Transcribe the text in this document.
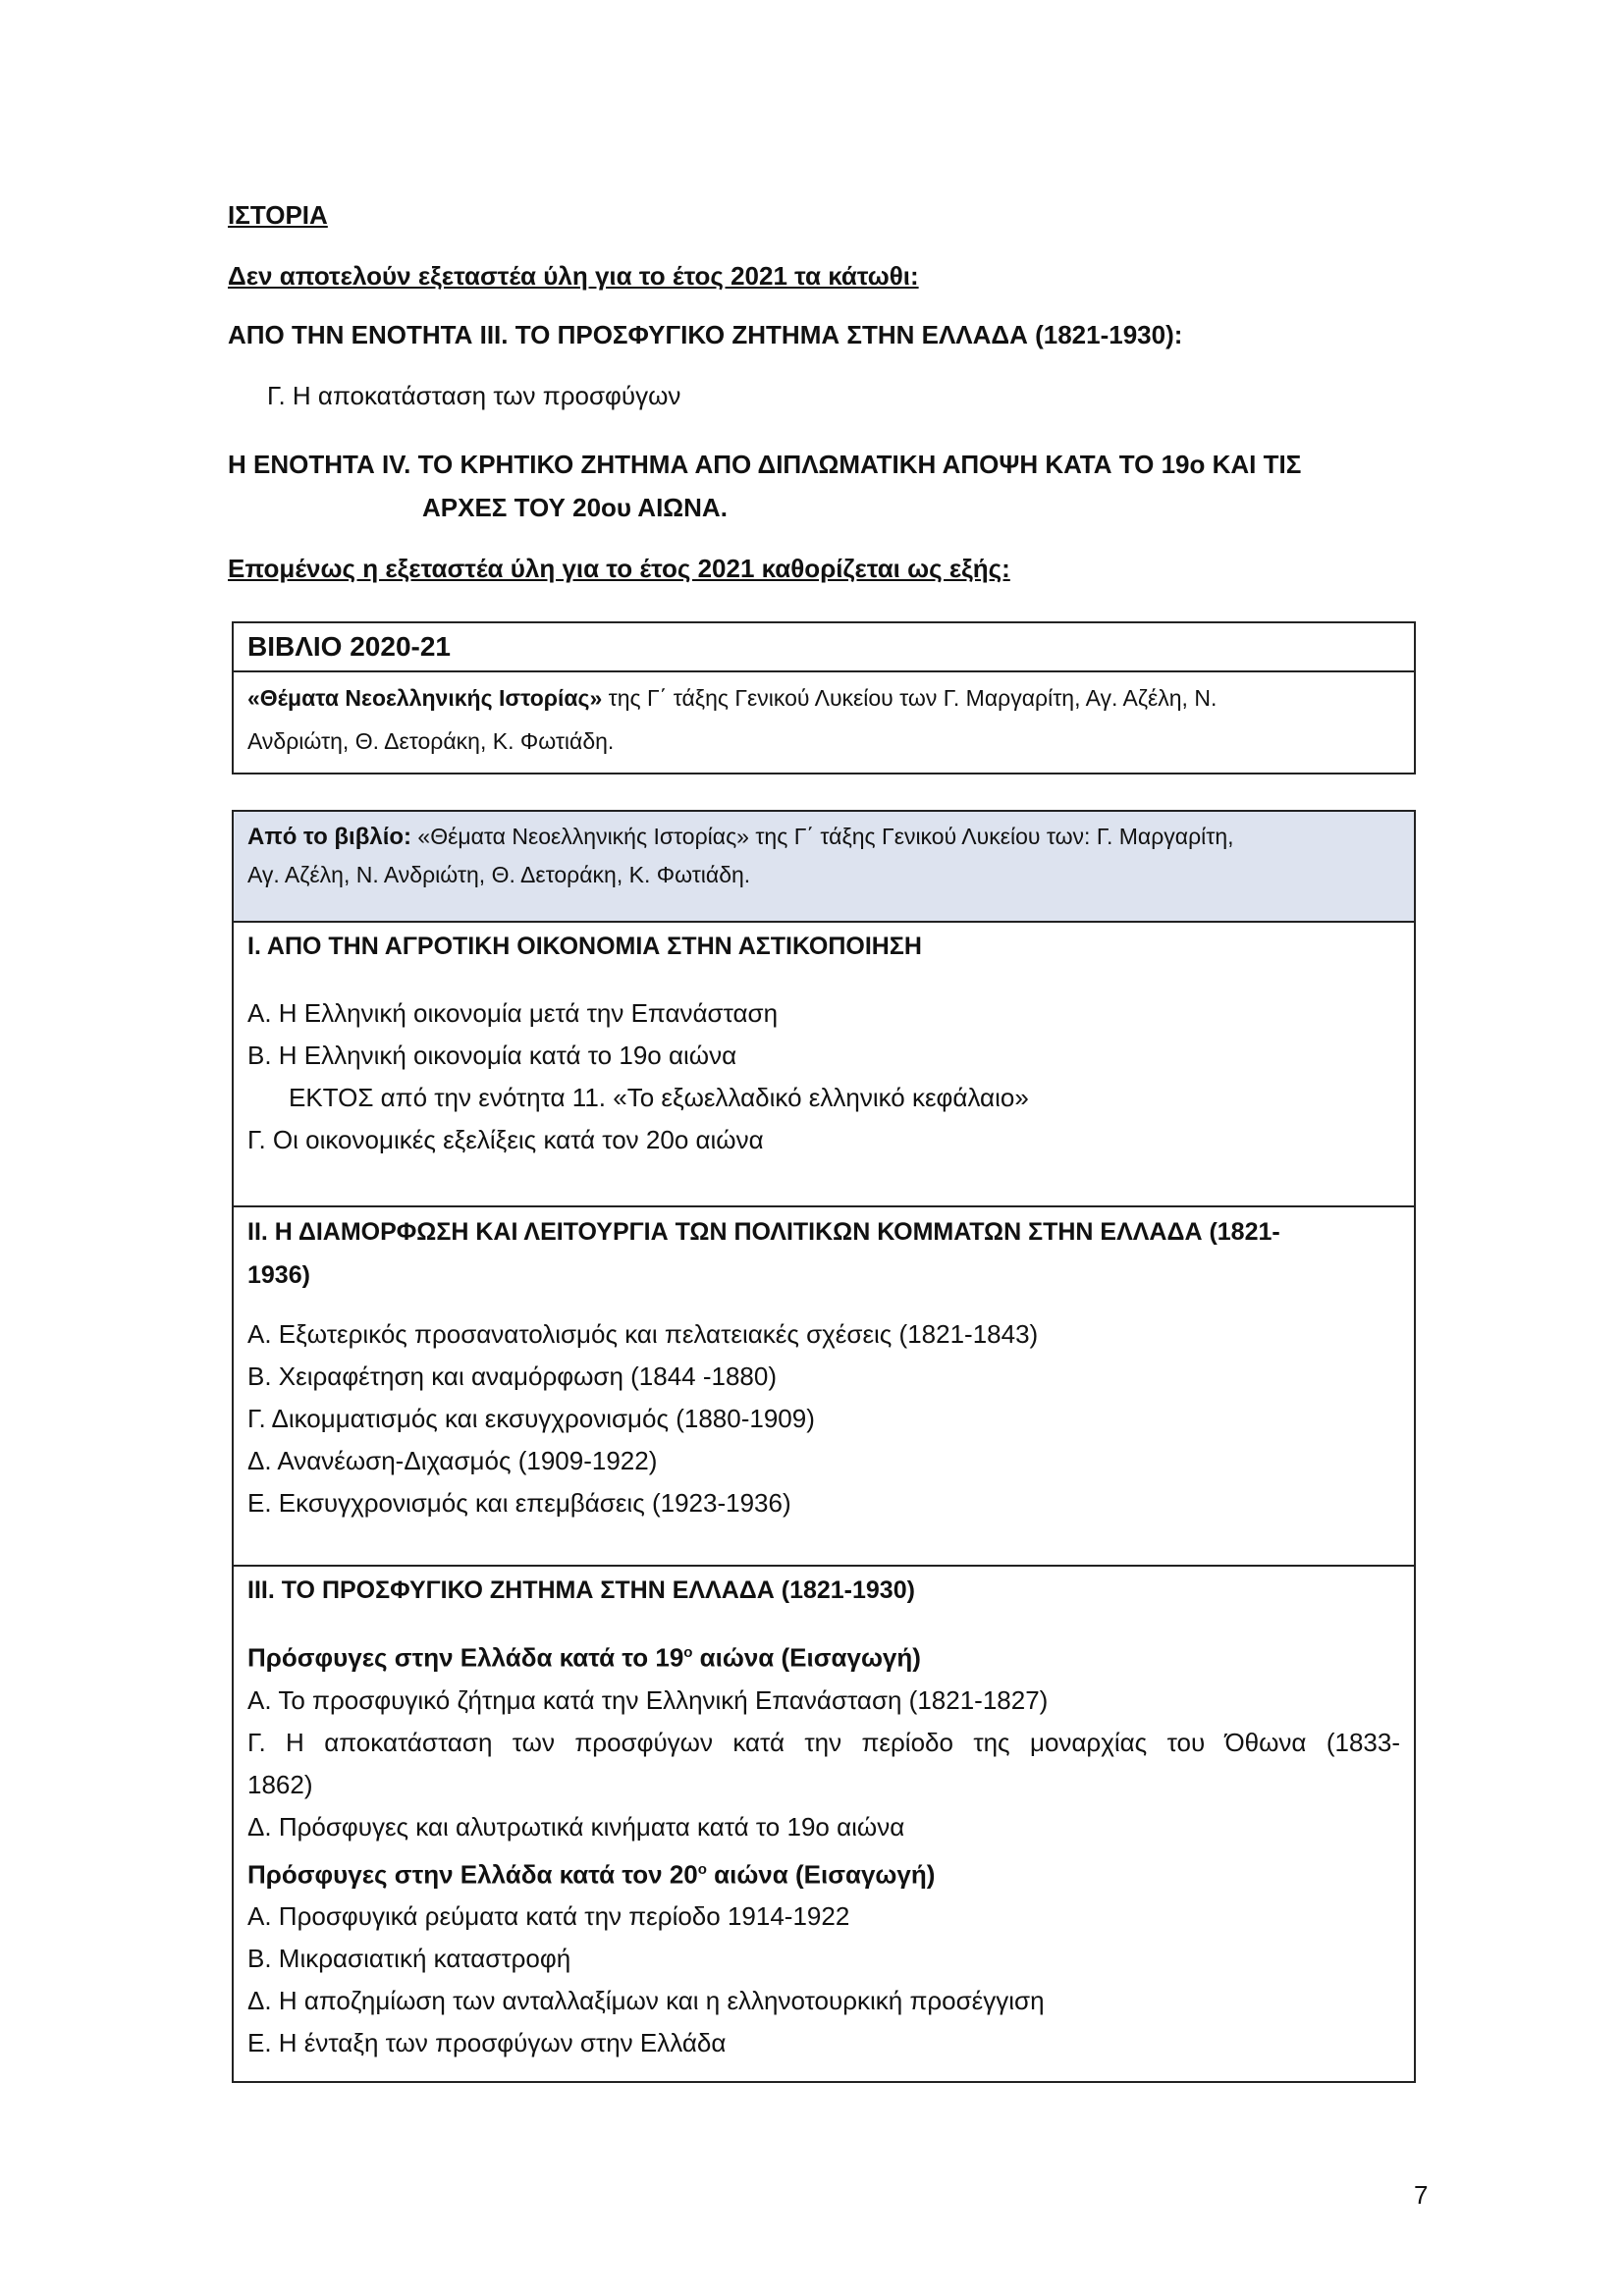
ΙΣΤΟΡΙΑ
Δεν αποτελούν εξεταστέα ύλη για το έτος 2021 τα κάτωθι:
ΑΠΟ ΤΗΝ ΕΝΟΤΗΤΑ ΙΙΙ. ΤΟ ΠΡΟΣΦΥΓΙΚΟ ΖΗΤΗΜΑ ΣΤΗΝ ΕΛΛΑΔΑ (1821-1930):
Γ. Η αποκατάσταση των προσφύγων
Η ΕΝΟΤΗΤΑ IV. ΤΟ ΚΡΗΤΙΚΟ ΖΗΤΗΜΑ ΑΠΟ ΔΙΠΛΩΜΑΤΙΚΗ ΑΠΟΨΗ ΚΑΤΑ ΤΟ 19ο ΚΑΙ ΤΙΣ
ΑΡΧΕΣ ΤΟΥ 20ου ΑΙΩΝΑ.
Επομένως η εξεταστέα ύλη για το έτος 2021 καθορίζεται ως εξής:
ΒΙΒΛΙΟ 2020-21
«Θέματα Νεοελληνικής Ιστορίας» της Γ΄ τάξης Γενικού Λυκείου των Γ. Μαργαρίτη, Αγ. Αζέλη, Ν.
Ανδριώτη, Θ. Δετοράκη, Κ. Φωτιάδη.
Από το βιβλίο: «Θέματα Νεοελληνικής Ιστορίας» της Γ΄ τάξης Γενικού Λυκείου των: Γ. Μαργαρίτη,
Αγ. Αζέλη, Ν. Ανδριώτη, Θ. Δετοράκη, Κ. Φωτιάδη.
Ι. ΑΠΟ ΤΗΝ ΑΓΡΟΤΙΚΗ ΟΙΚΟΝΟΜΙΑ ΣΤΗΝ ΑΣΤΙΚΟΠΟΙΗΣΗ
Α. Η Ελληνική οικονομία μετά την Επανάσταση
Β. Η Ελληνική οικονομία κατά το 19ο αιώνα
ΕΚΤΟΣ από την ενότητα 11. «Το εξωελλαδικό ελληνικό κεφάλαιο»
Γ. Οι οικονομικές εξελίξεις κατά τον 20ο αιώνα
ΙΙ. Η ΔΙΑΜΟΡΦΩΣΗ ΚΑΙ ΛΕΙΤΟΥΡΓΙΑ ΤΩΝ ΠΟΛΙΤΙΚΩΝ ΚΟΜΜΑΤΩΝ ΣΤΗΝ ΕΛΛΑΔΑ (1821-
1936)
Α. Εξωτερικός προσανατολισμός και πελατειακές σχέσεις (1821-1843)
Β. Χειραφέτηση και αναμόρφωση (1844 -1880)
Γ. Δικομματισμός και εκσυγχρονισμός (1880-1909)
Δ. Ανανέωση-Διχασμός (1909-1922)
Ε. Εκσυγχρονισμός και επεμβάσεις (1923-1936)
ΙΙΙ. ΤΟ ΠΡΟΣΦΥΓΙΚΟ ΖΗΤΗΜΑ ΣΤΗΝ ΕΛΛΑΔΑ (1821-1930)
Πρόσφυγες στην Ελλάδα κατά το $19^o$ αιώνα (Εισαγωγή)
Α. Το προσφυγικό ζήτημα κατά την Ελληνική Επανάσταση (1821-1827)
Γ. Η αποκατάσταση των προσφύγων κατά την περίοδο της μοναρχίας του Όθωνα (1833-
1862)
Δ. Πρόσφυγες και αλυτρωτικά κινήματα κατά το 19ο αιώνα
Πρόσφυγες στην Ελλάδα κατά τον $20^o$ αιώνα (Εισαγωγή)
Α. Προσφυγικά ρεύματα κατά την περίοδο 1914-1922
Β. Μικρασιατική καταστροφή
Δ. Η αποζημίωση των ανταλλαξίμων και η ελληνοτουρκική προσέγγιση
Ε. Η ένταξη των προσφύγων στην Ελλάδα
7
